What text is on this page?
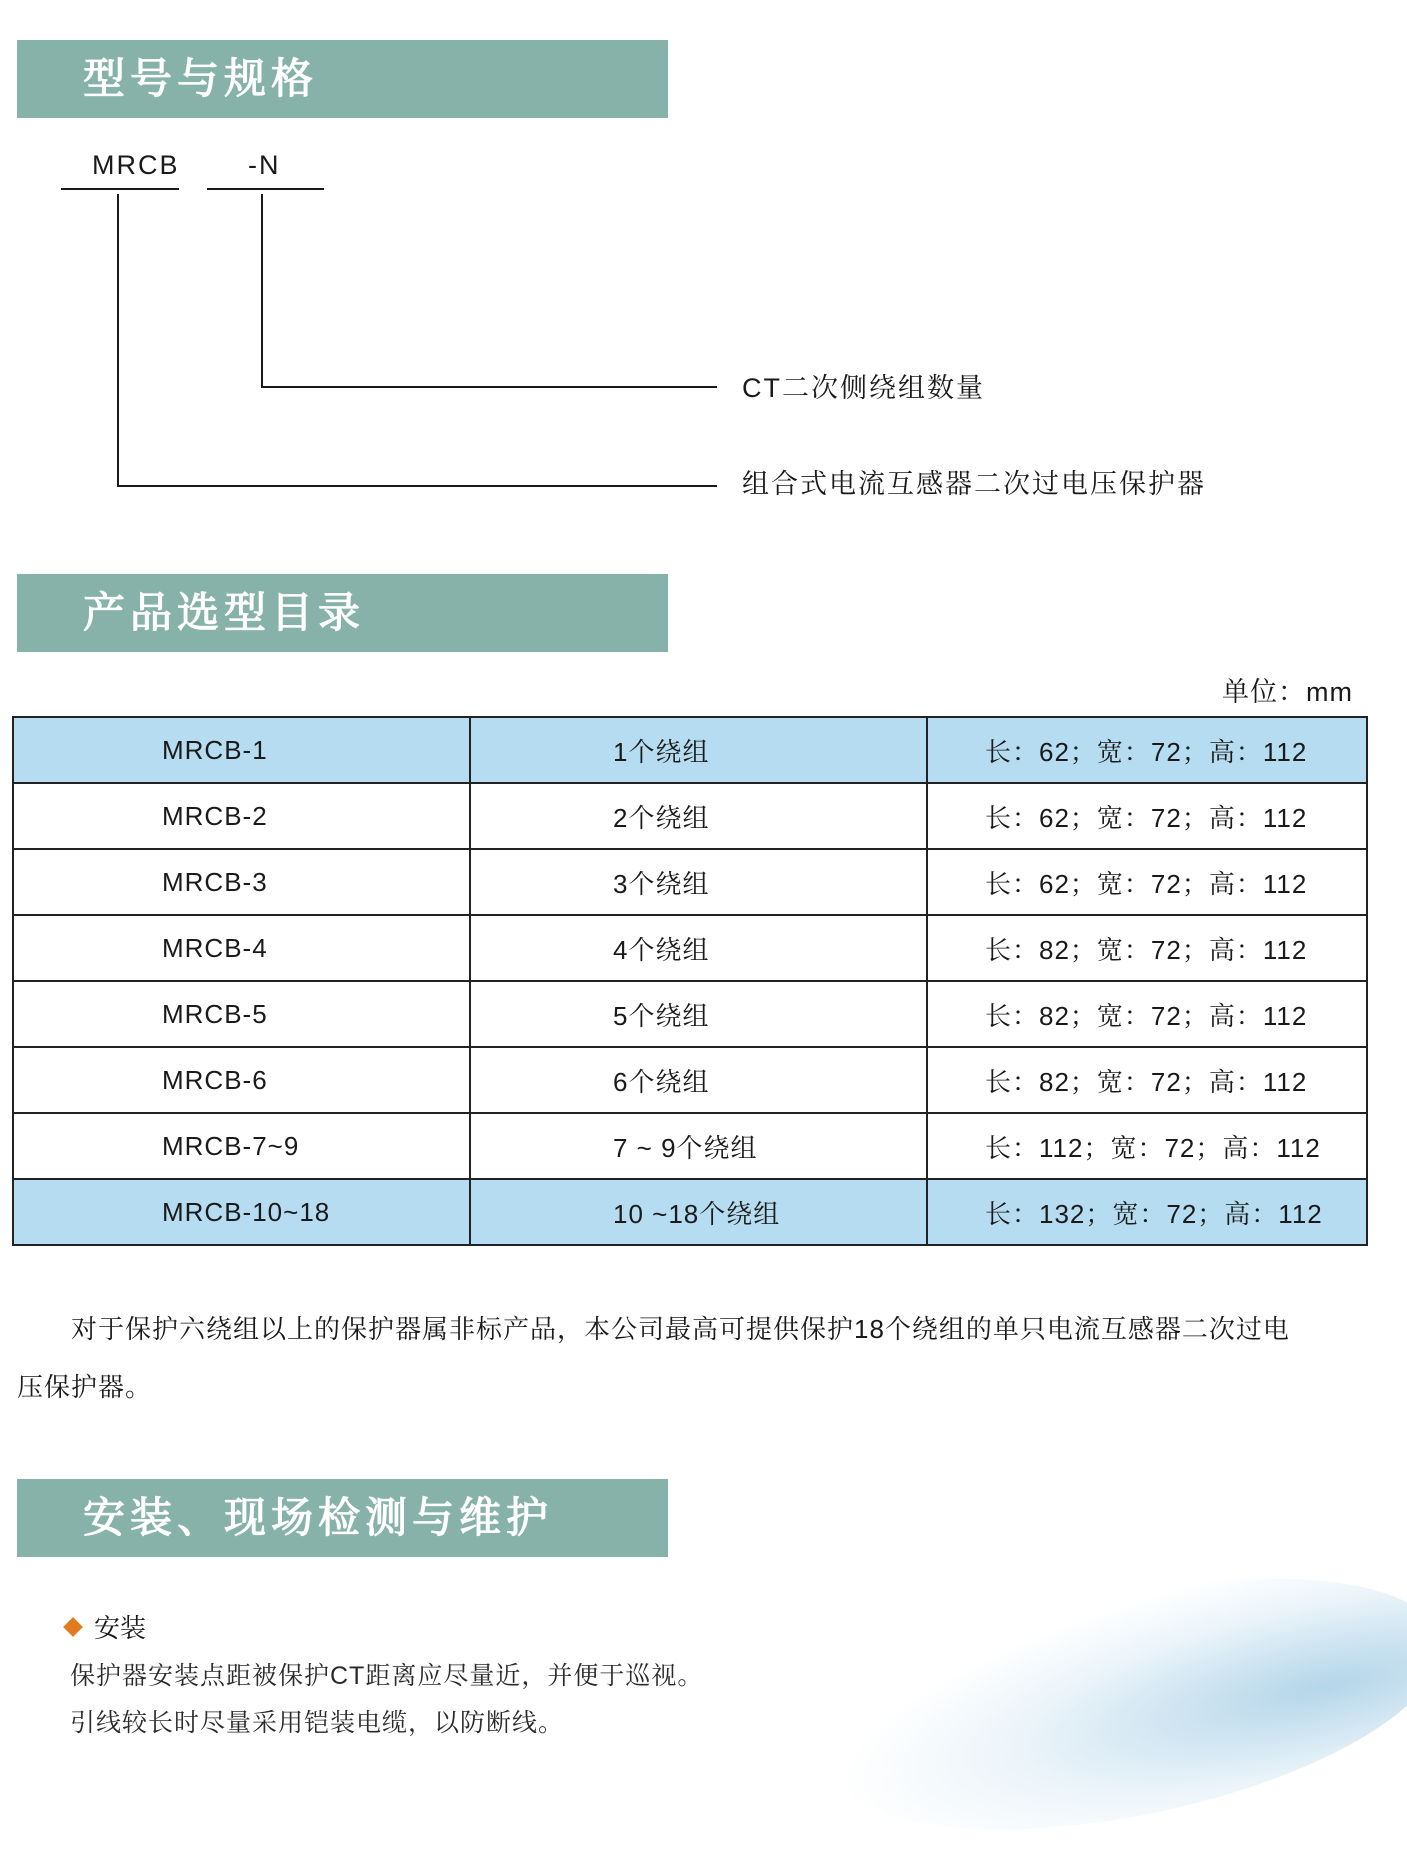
型号与规格
MRCB	-N
CT二次侧绕组数量
组合式电流互感器二次过电压保护器
产品选型目录
单位：mm
MRCB-1	1个绕组	长：62；宽：72；高：112
MRCB-2	2个绕组	长：62；宽：72；高：112
MRCB-3	3个绕组	长：62；宽：72；高：112
MRCB-4	4个绕组	长：82；宽：72；高：112
MRCB-5	5个绕组	长：82；宽：72；高：112
MRCB-6	6个绕组	长：82；宽：72；高：112
MRCB-7~9	7 ~ 9个绕组	长：112；宽：72；高：112
MRCB-10~18	10 ~18个绕组	长：132；宽：72；高：112
对于保护六绕组以上的保护器属非标产品，本公司最高可提供保护18个绕组的单只电流互感器二次过电
压保护器。
安装、现场检测与维护
安装
保护器安装点距被保护CT距离应尽量近，并便于巡视。
引线较长时尽量采用铠装电缆，以防断线。
